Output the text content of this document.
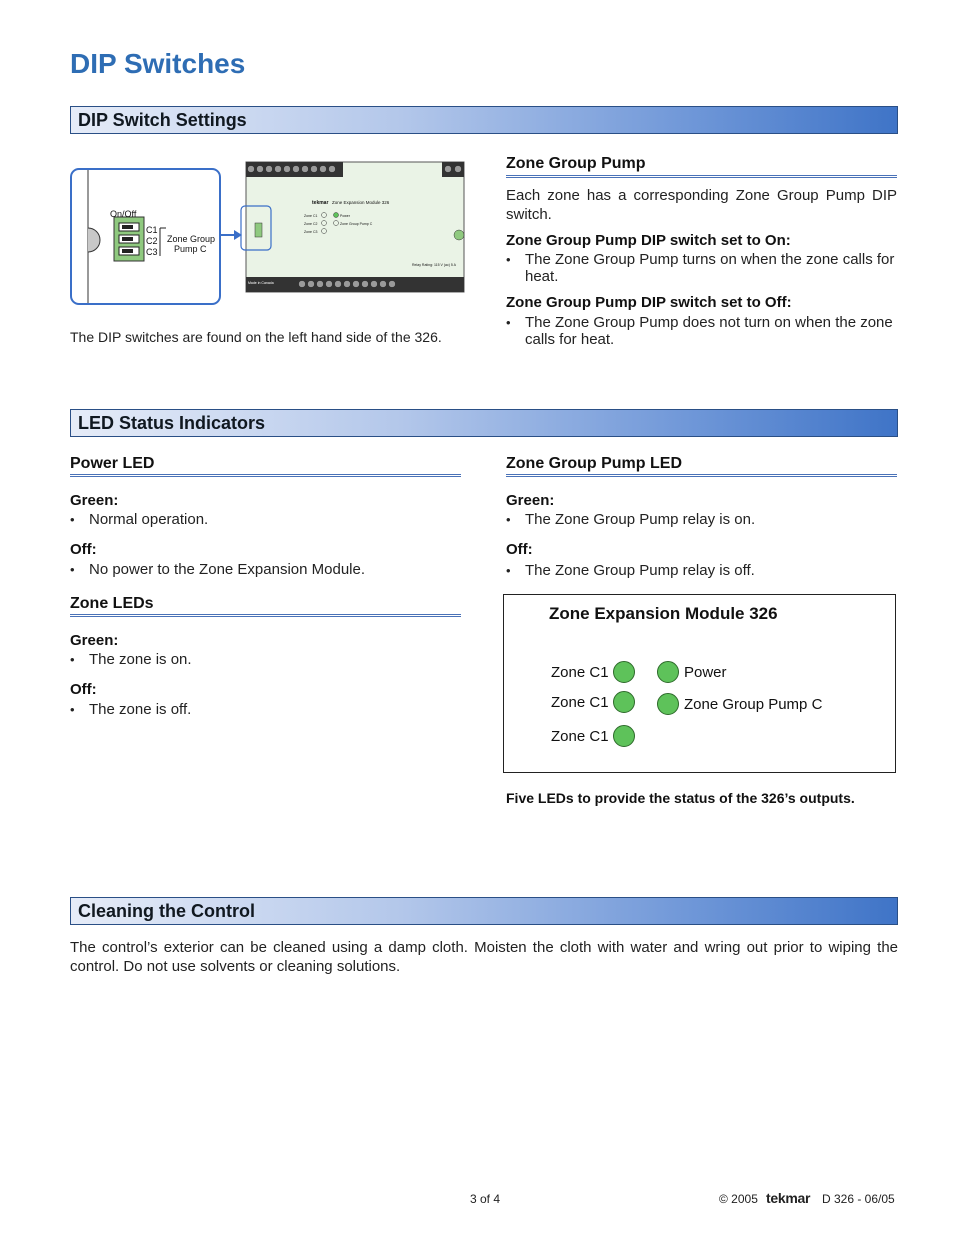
DIP Switches
DIP Switch Settings
On/Off
C1
C2
C3
Zone Group
Pump C
tekmar Zone Expansion Module 326
Zone C1
Zone C2
Zone C3
Power
Zone Group Pump C
Relay Rating: 115 V (ac) 5 A
Made in Canada
The DIP switches are found on the left hand side of the 326.
Zone Group Pump
Each zone has a corresponding Zone Group Pump DIP switch.
Zone Group Pump DIP switch set to On:
• The Zone Group Pump turns on when the zone calls for heat.
Zone Group Pump DIP switch set to Off:
• The Zone Group Pump does not turn on when the zone calls for heat.
LED Status Indicators
Power LED
Green:
• Normal operation.
Off:
• No power to the Zone Expansion Module.
Zone LEDs
Green:
• The zone is on.
Off:
• The zone is off.
Zone Group Pump LED
Green:
• The Zone Group Pump relay is on.
Off:
• The Zone Group Pump relay is off.
Zone Expansion Module 326
Zone C1
Zone C1
Zone C1
Power
Zone Group Pump C
Five LEDs to provide the status of the 326’s outputs.
Cleaning the Control
The control’s exterior can be cleaned using a damp cloth. Moisten the cloth with water and wring out prior to wiping the control. Do not use solvents or cleaning solutions.
3 of 4	© 2005 tekmar D 326 - 06/05
